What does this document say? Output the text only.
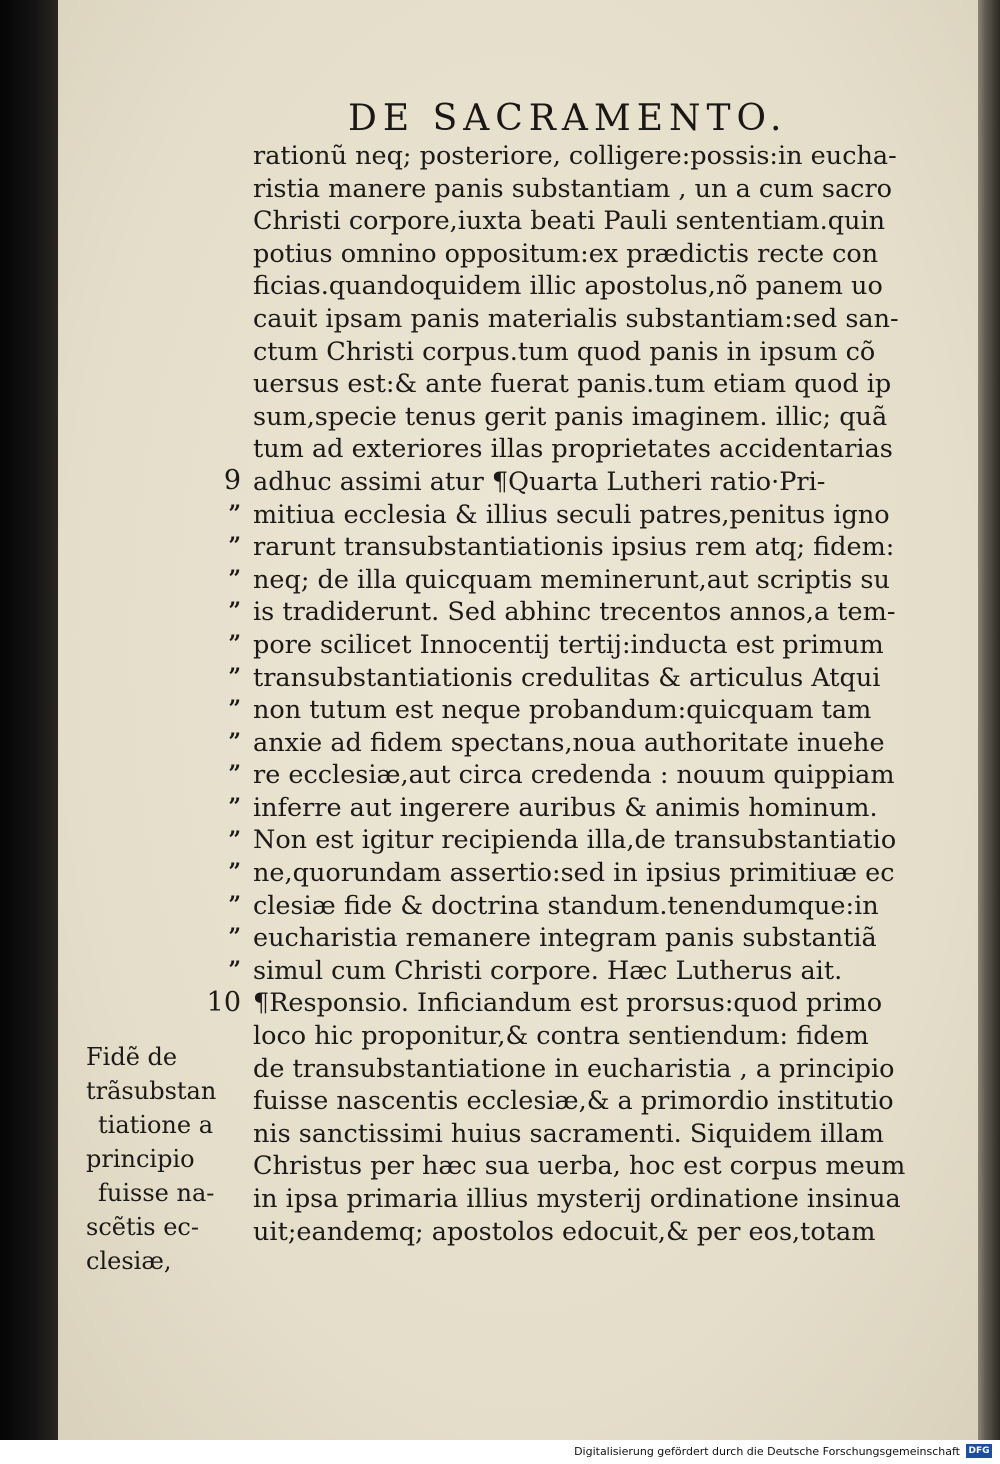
DE SACRAMENTO.
9
”
”
”
”
”
”
”
”
”
”
”
”
”
”
”
10
rationũ neq; posteriore, colligere:possis:in eucha-
ristia manere panis substantiam , un a cum sacro
Christi corpore,iuxta beati Pauli sententiam.quin
potius omnino oppositum:ex prædictis recte con
ficias.quandoquidem illic apostolus,nõ panem uo
cauit ipsam panis materialis substantiam:sed san-
ctum Christi corpus.tum quod panis in ipsum cõ
uersus est:& ante fuerat panis.tum etiam quod ip
sum,specie tenus gerit panis imaginem. illic; quã
tum ad exteriores illas proprietates accidentarias
adhuc assimi atur ¶Quarta Lutheri ratio·Pri-
mitiua ecclesia & illius seculi patres,penitus igno
rarunt transubstantiationis ipsius rem atq; fidem:
neq; de illa quicquam meminerunt,aut scriptis su
is tradiderunt. Sed abhinc trecentos annos,a tem-
pore scilicet Innocentij tertij:inducta est primum
transubstantiationis credulitas & articulus Atqui
non tutum est neque probandum:quicquam tam
anxie ad fidem spectans,noua authoritate inuehe
re ecclesiæ,aut circa credenda : nouum quippiam
inferre aut ingerere auribus & animis hominum.
Non est igitur recipienda illa,de transubstantiatio
ne,quorundam assertio:sed in ipsius primitiuæ ec
clesiæ fide & doctrina standum.tenendumque:in
eucharistia remanere integram panis substantiã
simul cum Christi corpore. Hæc Lutherus ait.
¶Responsio. Inficiandum est prorsus:quod primo
loco hic proponitur,& contra sentiendum: fidem
de transubstantiatione in eucharistia , a principio
fuisse nascentis ecclesiæ,& a primordio institutio
nis sanctissimi huius sacramenti. Siquidem illam
Christus per hæc sua uerba, hoc est corpus meum
in ipsa primaria illius mysterij ordinatione insinua
uit;eandemq; apostolos edocuit,& per eos,totam
Fidẽ de
trãsubstan
tiatione a
principio
fuisse na-
scẽtis ec-
clesiæ,
Digitalisierung gefördert durch die Deutsche Forschungsgemeinschaft DFG
